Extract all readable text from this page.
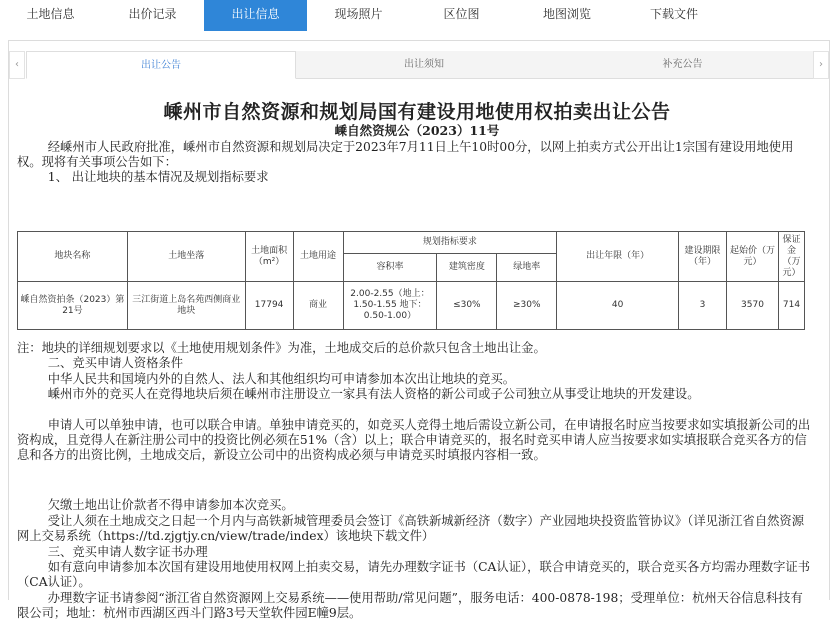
土地信息	出价记录	出让信息	现场照片	区位图	地图浏览	下载文件
‹	出让公告	出让须知	补充公告	›
嵊州市自然资源和规划局国有建设用地使用权拍卖出让公告
嵊自然资规公（2023）11号
经嵊州市人民政府批准，嵊州市自然资源和规划局决定于2023年7月11日上午10时00分，以网上拍卖方式公开出让1宗国有建设用地使用权。现将有关事项公告如下：
1、 出让地块的基本情况及规划指标要求
地块名称	土地坐落	土地面积（m²）	土地用途	规划指标要求			出让年限（年）	建设期限（年）	起始价（万元）	保证金（万元）
				容积率	建筑密度	绿地率				
嵊自然资拍条（2023）第21号	三江街道上岛名苑西侧商业地块	17794	商业	2.00-2.55（地上：1.50-1.55 地下：0.50-1.00）	≤30%	≥30%	40	3	3570	714
注：地块的详细规划要求以《土地使用规划条件》为准，土地成交后的总价款只包含土地出让金。
二、竞买申请人资格条件
中华人民共和国境内外的自然人、法人和其他组织均可申请参加本次出让地块的竞买。
嵊州市外的竞买人在竞得地块后须在嵊州市注册设立一家具有法人资格的新公司或子公司独立从事受让地块的开发建设。
申请人可以单独申请，也可以联合申请。单独申请竞买的，如竞买人竞得土地后需设立新公司，在申请报名时应当按要求如实填报新公司的出资构成，且竞得人在新注册公司中的投资比例必须在51%（含）以上；联合申请竞买的，报名时竞买申请人应当按要求如实填报联合竞买各方的信息和各方的出资比例，土地成交后，新设立公司中的出资构成必须与申请竞买时填报内容相一致。
欠缴土地出让价款者不得申请参加本次竞买。
受让人须在土地成交之日起一个月内与高铁新城管理委员会签订《高铁新城新经济（数字）产业园地块投资监管协议》（详见浙江省自然资源网上交易系统（https://td.zjgtjy.cn/view/trade/index）该地块下载文件）
三、竞买申请人数字证书办理
如有意向申请参加本次国有建设用地使用权网上拍卖交易，请先办理数字证书（CA认证），联合申请竞买的，联合竞买各方均需办理数字证书（CA认证）。
办理数字证书请参阅“浙江省自然资源网上交易系统——使用帮助/常见问题”，服务电话：400-0878-198；受理单位：杭州天谷信息科技有限公司；地址：杭州市西湖区西斗门路3号天堂软件园E幢9层。
